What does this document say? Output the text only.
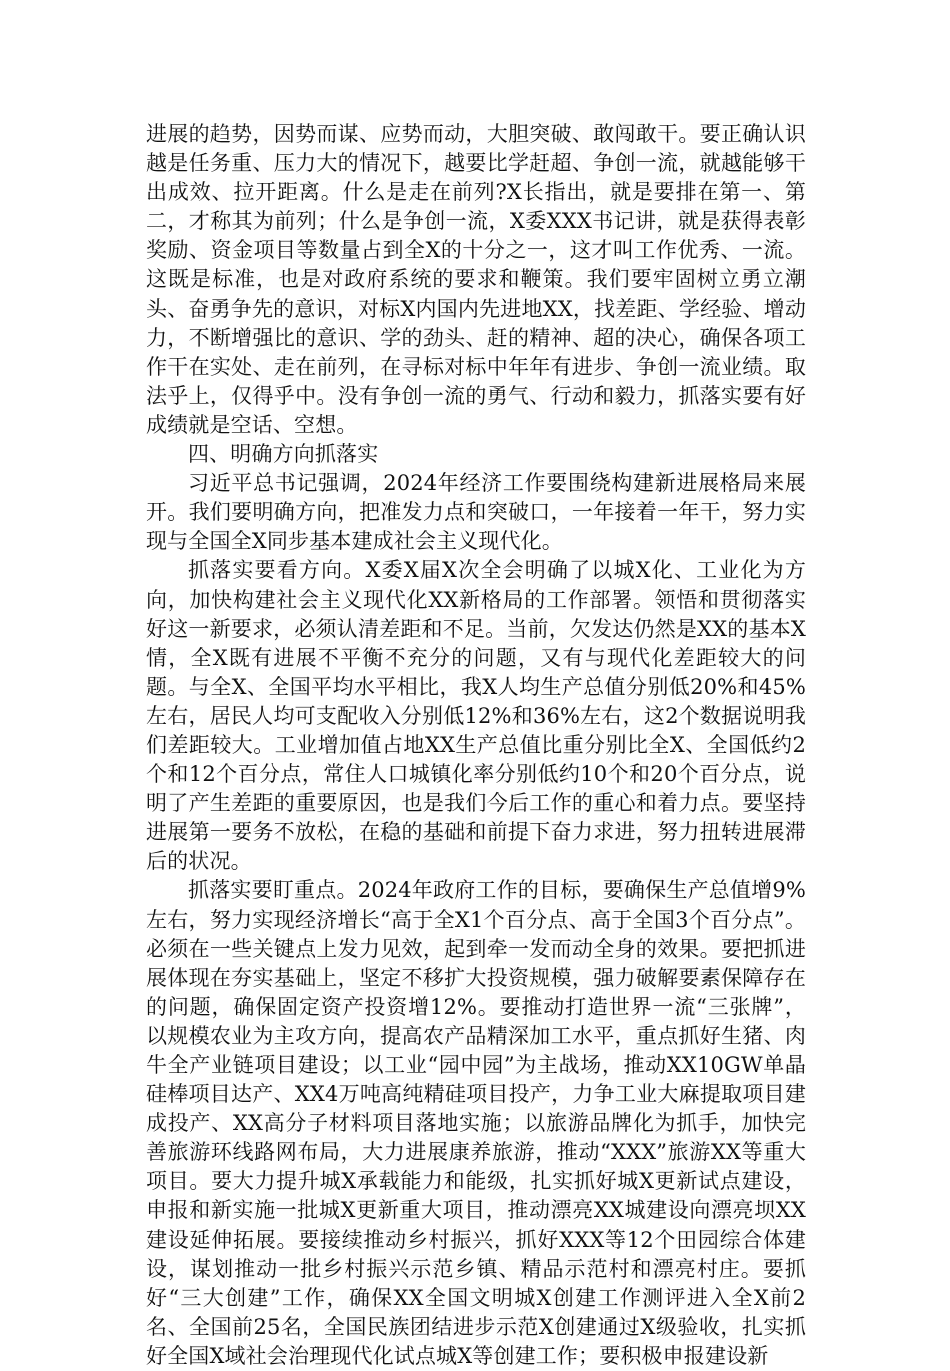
进展的趋势，因势而谋、应势而动，大胆突破、敢闯敢干。要正确认识越是任务重、压力大的情况下，越要比学赶超、争创一流，就越能够干出成效、拉开距离。什么是走在前列?X长指出，就是要排在第一、第二，才称其为前列；什么是争创一流，X委XXX书记讲，就是获得表彰奖励、资金项目等数量占到全X的十分之一，这才叫工作优秀、一流。这既是标准，也是对政府系统的要求和鞭策。我们要牢固树立勇立潮头、奋勇争先的意识，对标X内国内先进地XX，找差距、学经验、增动力，不断增强比的意识、学的劲头、赶的精神、超的决心，确保各项工作干在实处、走在前列，在寻标对标中年年有进步、争创一流业绩。取法乎上，仅得乎中。没有争创一流的勇气、行动和毅力，抓落实要有好成绩就是空话、空想。

四、明确方向抓落实

习近平总书记强调，2024年经济工作要围绕构建新进展格局来展开。我们要明确方向，把准发力点和突破口，一年接着一年干，努力实现与全国全X同步基本建成社会主义现代化。

抓落实要看方向。X委X届X次全会明确了以城X化、工业化为方向，加快构建社会主义现代化XX新格局的工作部署。领悟和贯彻落实好这一新要求，必须认清差距和不足。当前，欠发达仍然是XX的基本X情，全X既有进展不平衡不充分的问题，又有与现代化差距较大的问题。与全X、全国平均水平相比，我X人均生产总值分别低20%和45%左右，居民人均可支配收入分别低12%和36%左右，这2个数据说明我们差距较大。工业增加值占地XX生产总值比重分别比全X、全国低约2个和12个百分点，常住人口城镇化率分别低约10个和20个百分点，说明了产生差距的重要原因，也是我们今后工作的重心和着力点。要坚持进展第一要务不放松，在稳的基础和前提下奋力求进，努力扭转进展滞后的状况。

抓落实要盯重点。2024年政府工作的目标，要确保生产总值增9%左右，努力实现经济增长“高于全X1个百分点、高于全国3个百分点”。必须在一些关键点上发力见效，起到牵一发而动全身的效果。要把抓进展体现在夯实基础上，坚定不移扩大投资规模，强力破解要素保障存在的问题，确保固定资产投资增12%。要推动打造世界一流“三张牌”，以规模农业为主攻方向，提高农产品精深加工水平，重点抓好生猪、肉牛全产业链项目建设；以工业“园中园”为主战场，推动XX10GW单晶硅棒项目达产、XX4万吨高纯精硅项目投产，力争工业大麻提取项目建成投产、XX高分子材料项目落地实施；以旅游品牌化为抓手，加快完善旅游环线路网布局，大力进展康养旅游，推动“XXX”旅游XX等重大项目。要大力提升城X承载能力和能级，扎实抓好城X更新试点建设，申报和新实施一批城X更新重大项目，推动漂亮XX城建设向漂亮坝XX建设延伸拓展。要接续推动乡村振兴，抓好XXX等12个田园综合体建设，谋划推动一批乡村振兴示范乡镇、精品示范村和漂亮村庄。要抓好“三大创建”工作，确保XX全国文明城X创建工作测评进入全X前2名、全国前25名，全国民族团结进步示范X创建通过X级验收，扎实抓好全国X域社会治理现代化试点城X等创建工作；要积极申报建设新
